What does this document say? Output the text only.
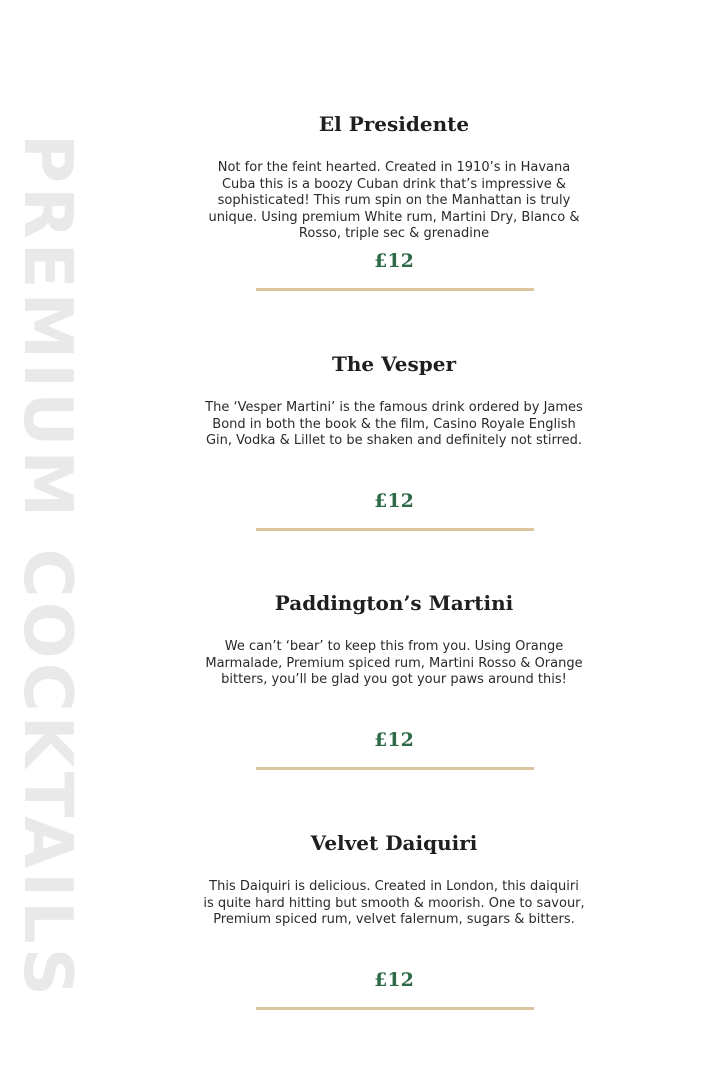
PREMIUM COCKTAILS
El Presidente
Not for the feint hearted. Created in 1910’s in Havana Cuba this is a boozy Cuban drink that’s impressive & sophisticated! This rum spin on the Manhattan is truly unique. Using premium White rum, Martini Dry, Blanco & Rosso, triple sec & grenadine
£12
The Vesper
The ‘Vesper Martini’ is the famous drink ordered by James Bond in both the book & the film, Casino Royale English Gin, Vodka & Lillet to be shaken and definitely not stirred.
£12
Paddington’s Martini
We can’t ‘bear’ to keep this from you. Using Orange Marmalade, Premium spiced rum, Martini Rosso & Orange bitters, you’ll be glad you got your paws around this!
£12
Velvet Daiquiri
This Daiquiri is delicious. Created in London, this daiquiri is quite hard hitting but smooth & moorish. One to savour, Premium spiced rum, velvet falernum, sugars & bitters.
£12
